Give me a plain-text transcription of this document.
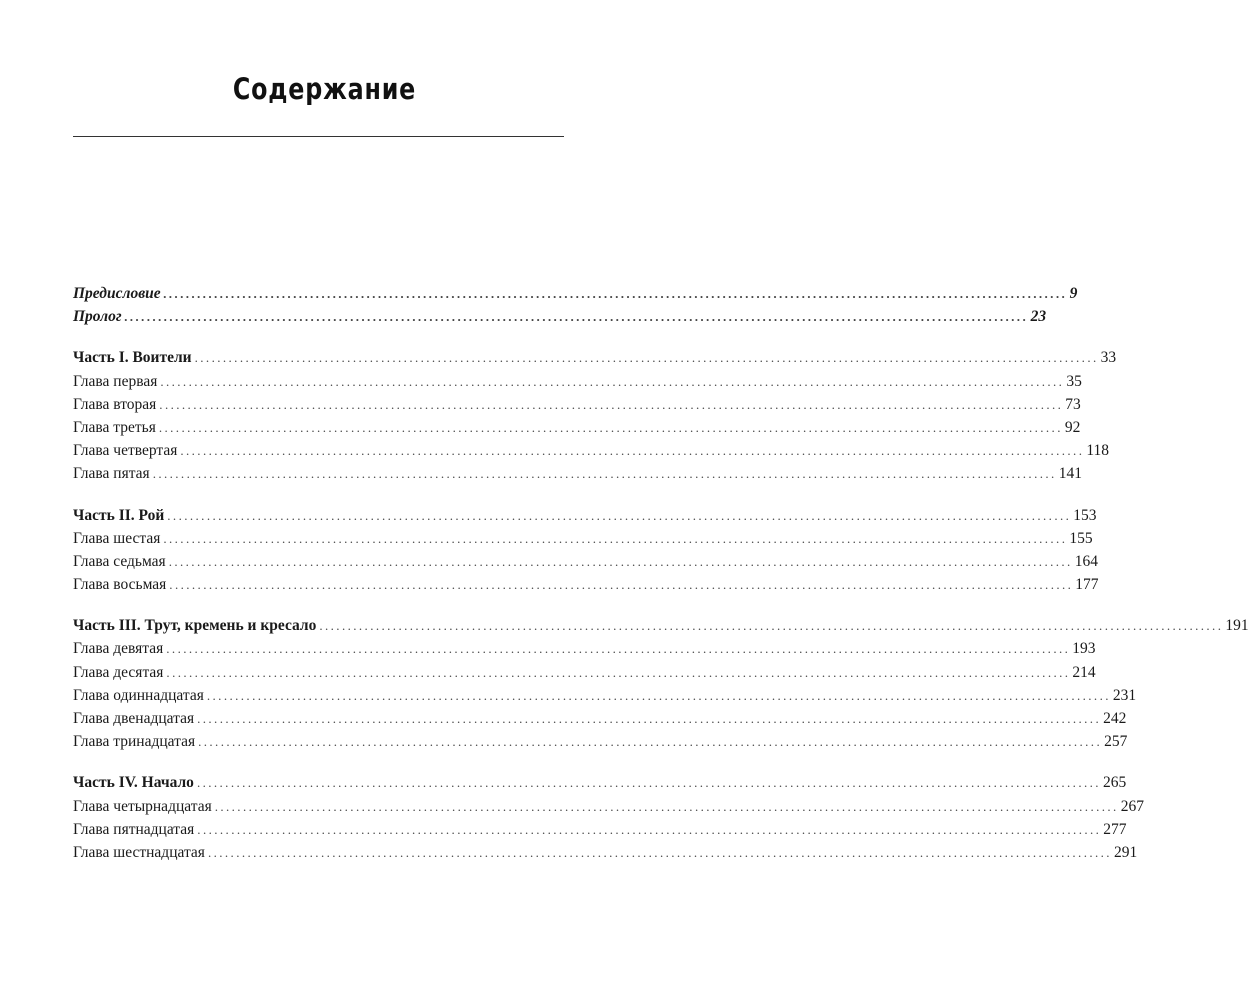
Содержание
Предисловие ................................................................................................................................................................ 9
Пролог ................................................................................................................................................................ 23
Часть I. Воители ................................................................................................................................................................ 33
Глава первая ................................................................................................................................................................ 35
Глава вторая ................................................................................................................................................................ 73
Глава третья ................................................................................................................................................................ 92
Глава четвертая ................................................................................................................................................................ 118
Глава пятая ................................................................................................................................................................ 141
Часть II. Рой ................................................................................................................................................................ 153
Глава шестая ................................................................................................................................................................ 155
Глава седьмая ................................................................................................................................................................ 164
Глава восьмая ................................................................................................................................................................ 177
Часть III. Трут, кремень и кресало ................................................................................................................................................................ 191
Глава девятая ................................................................................................................................................................ 193
Глава десятая ................................................................................................................................................................ 214
Глава одиннадцатая ................................................................................................................................................................ 231
Глава двенадцатая ................................................................................................................................................................ 242
Глава тринадцатая ................................................................................................................................................................ 257
Часть IV. Начало ................................................................................................................................................................ 265
Глава четырнадцатая ................................................................................................................................................................ 267
Глава пятнадцатая ................................................................................................................................................................ 277
Глава шестнадцатая ................................................................................................................................................................ 291
